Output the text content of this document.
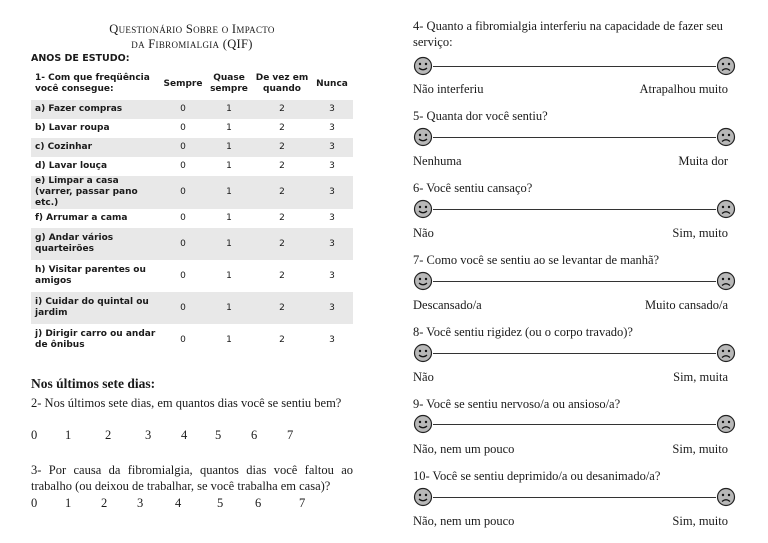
Questionário Sobre o Impacto
da Fibromialgia (QIF)
ANOS DE ESTUDO:
1- Com que freqüência você consegue:	Sempre	Quase sempre	De vez em quando	Nunca
a) Fazer compras	0	1	2	3
b) Lavar roupa	0	1	2	3
c) Cozinhar	0	1	2	3
d) Lavar louça	0	1	2	3
e) Limpar a casa (varrer, passar pano etc.)	0	1	2	3
f) Arrumar a cama	0	1	2	3
g) Andar vários quarteirões	0	1	2	3
h) Visitar parentes ou amigos	0	1	2	3
i) Cuidar do quintal ou jardim	0	1	2	3
j) Dirigir carro ou andar de ônibus	0	1	2	3
Nos últimos sete dias:
2- Nos últimos sete dias, em quantos dias você se sentiu bem?
0 1	2	3 4 5 6 7
3- Por causa da fibromialgia, quantos dias você faltou ao trabalho (ou deixou de trabalhar, se você trabalha em casa)?
0 1 2 3	4	5	6	7
4- Quanto a fibromialgia interferiu na capacidade de fazer seu serviço:
Não interferiu	Atrapalhou muito
5- Quanta dor você sentiu?
Nenhuma	Muita dor
6- Você sentiu cansaço?
Não	Sim, muito
7- Como você se sentiu ao se levantar de manhã?
Descansado/a	Muito cansado/a
8- Você sentiu rigidez (ou o corpo travado)?
Não	Sim, muita
9- Você se sentiu nervoso/a ou ansioso/a?
Não, nem um pouco	Sim, muito
10- Você se sentiu deprimido/a ou desanimado/a?
Não, nem um pouco	Sim, muito
